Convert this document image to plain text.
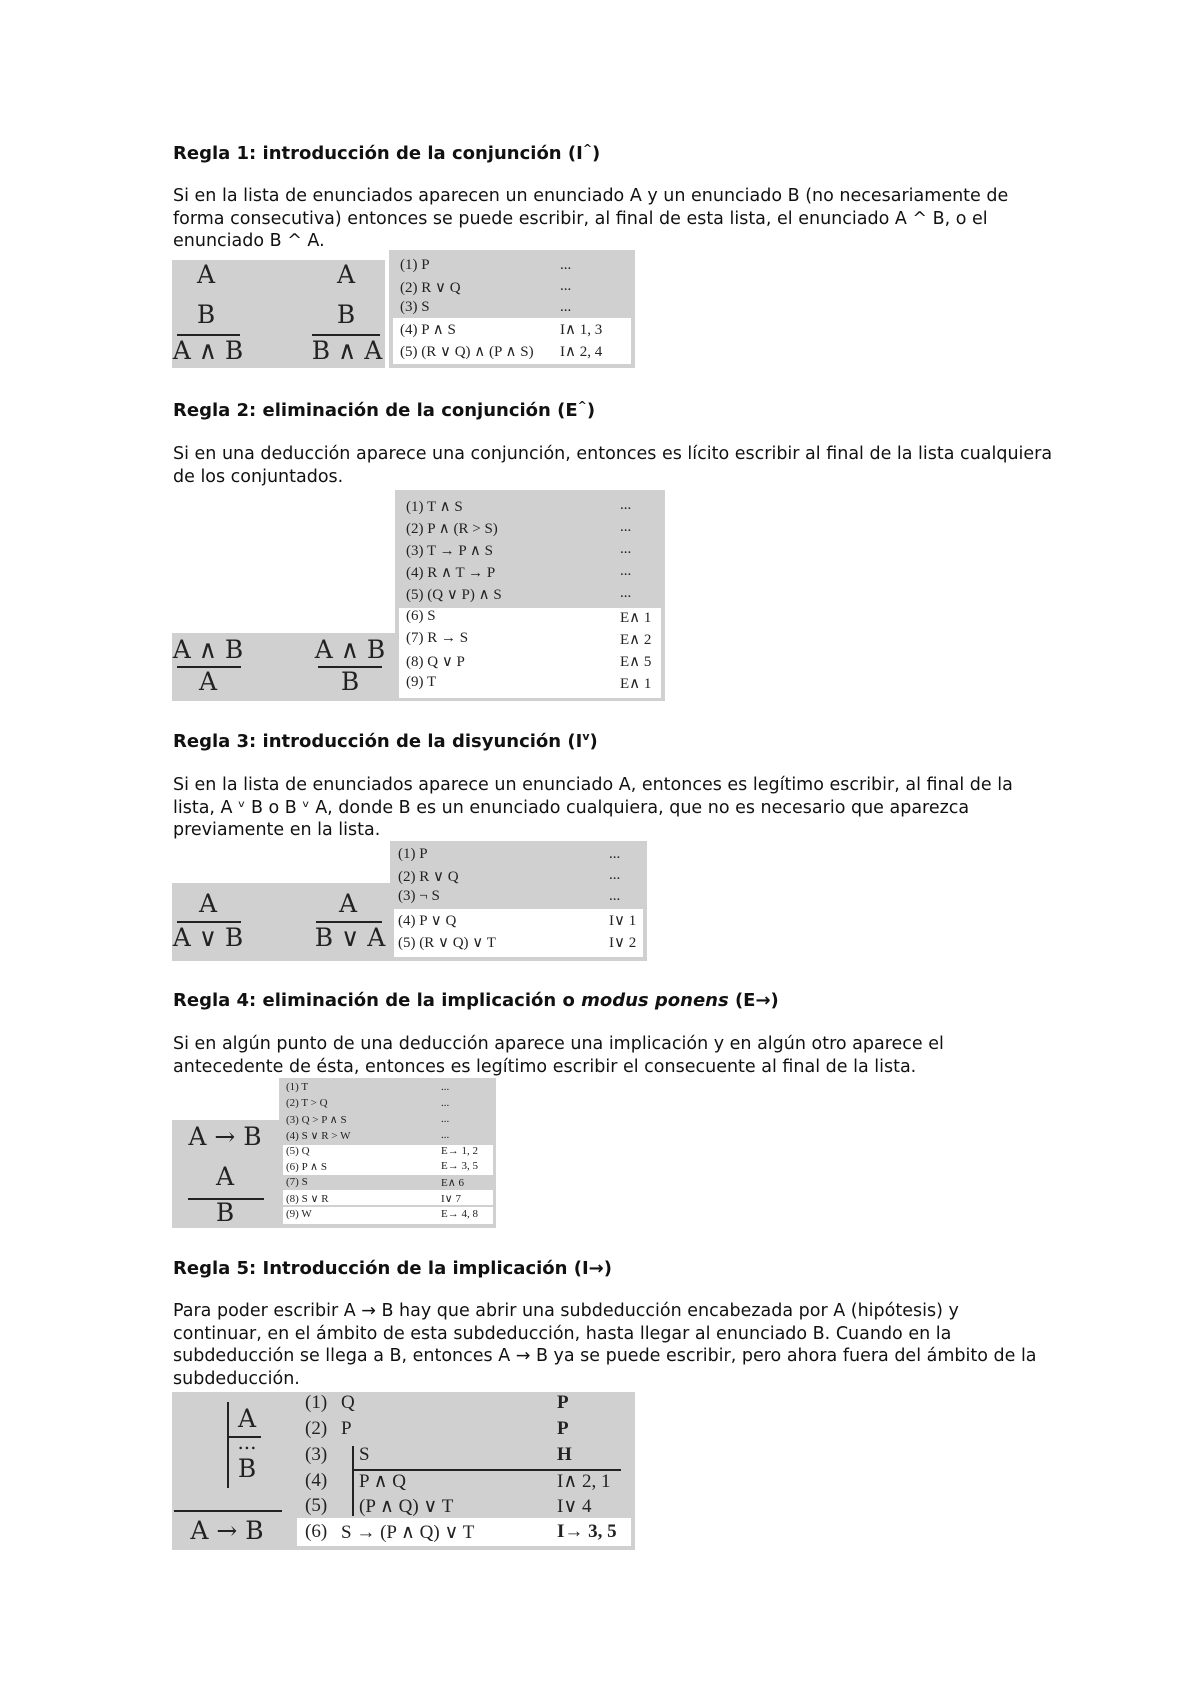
Regla 1: introducción de la conjunción (I^)
Si en la lista de enunciados aparecen un enunciado A y un enunciado B (no necesariamente de forma consecutiva) entonces se puede escribir, al final de esta lista, el enunciado A ^ B, o el enunciado B ^ A.
A
B
A ∧ B
A
B
B ∧ A
(1) P	...
(2) R ∨ Q	...
(3) S	...
(4) P ∧ S	I∧ 1, 3
(5) (R ∨ Q) ∧ (P ∧ S) I∧ 2, 4
Regla 2: eliminación de la conjunción (E^)
Si en una deducción aparece una conjunción, entonces es lícito escribir al final de la lista cualquiera de los conjuntados.
A ∧ B
A
A ∧ B
B
(1) T ∧ S	...
(2) P ∧ (R > S)	...
(3) T → P ∧ S	...
(4) R ∧ T → P	...
(5) (Q ∨ P) ∧ S	...
(6) S	E∧ 1
(7) R → S	E∧ 2
(8) Q ∨ P	E∧ 5
(9) T	E∧ 1
Regla 3: introducción de la disyunción $(I^v)$
Si en la lista de enunciados aparece un enunciado A, entonces es legítimo escribir, al final de la lista, A ᵛ B o B ᵛ A, donde B es un enunciado cualquiera, que no es necesario que aparezca previamente en la lista.
A
A ∨ B
A
B ∨ A
(1) P	...
(2) R ∨ Q	...
(3) ¬ S	...
(4) P ∨ Q	I∨ 1
(5) (R ∨ Q) ∨ T	I∨ 2
Regla 4: eliminación de la implicación o modus ponens (E→)
Si en algún punto de una deducción aparece una implicación y en algún otro aparece el antecedente de ésta, entonces es legítimo escribir el consecuente al final de la lista.
A → B
A
B
(1) T	...
(2) T > Q	...
(3) Q > P ∧ S	...
(4) S ∨ R > W	...
(5) Q	E→ 1, 2
(6) P ∧ S	E→ 3, 5
(7) S	E∧ 6
(8) S ∨ R	I∨ 7
(9) W	E→ 4, 8
Regla 5: Introducción de la implicación (I→)
Para poder escribir A → B hay que abrir una subdeducción encabezada por A (hipótesis) y continuar, en el ámbito de esta subdeducción, hasta llegar al enunciado B. Cuando en la subdeducción se llega a B, entonces A → B ya se puede escribir, pero ahora fuera del ámbito de la subdeducción.
A
...
B
A → B
(1) Q	P
(2) P	P
(3) S	H
(4) P ∧ Q	I∧ 2, 1
(5) (P ∧ Q) ∨ T	I∨ 4
(6) S → (P ∧ Q) ∨ T	I→ 3, 5
